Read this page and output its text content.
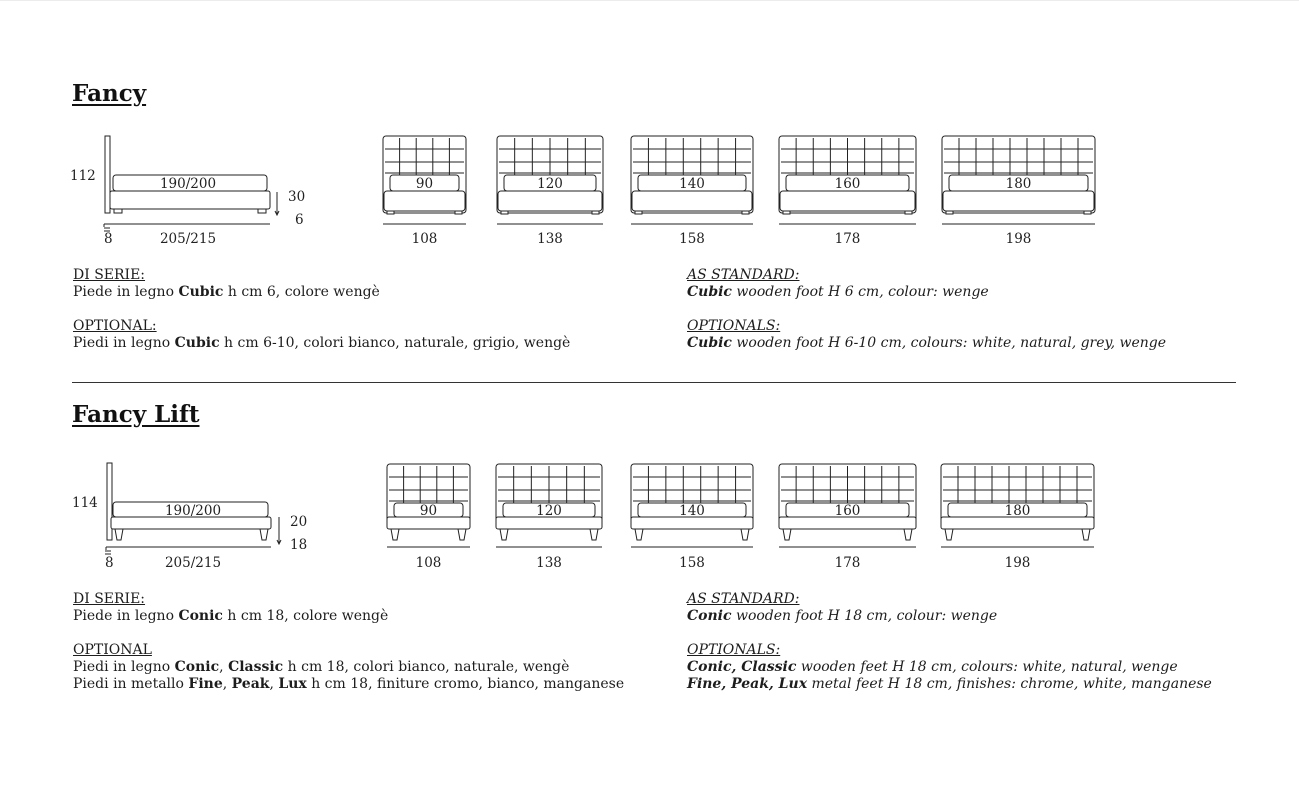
Fancy
112	190/200
205/215
30
6
8
90
108
120
138
140
158
160
178
180
198
DI SERIE:
Piede in legno Cubic h cm 6, colore wengè
OPTIONAL:
Piedi in legno Cubic h cm 6-10, colori bianco, naturale, grigio, wengè
AS STANDARD:
Cubic wooden foot H 6 cm, colour: wenge
OPTIONALS:
Cubic wooden foot H 6-10 cm, colours: white, natural, grey, wenge
Fancy Lift
114	190/200
205/215
20
18
8
90
108
120
138
140
158
160
178
180
198
DI SERIE:
Piede in legno Conic h cm 18, colore wengè
OPTIONAL
Piedi in legno Conic, Classic h cm 18, colori bianco, naturale, wengè
Piedi in metallo Fine, Peak, Lux h cm 18, finiture cromo, bianco, manganese
AS STANDARD:
Conic wooden foot H 18 cm, colour: wenge
OPTIONALS:
Conic, Classic wooden feet H 18 cm, colours: white, natural, wenge
Fine, Peak, Lux metal feet H 18 cm, finishes: chrome, white, manganese
